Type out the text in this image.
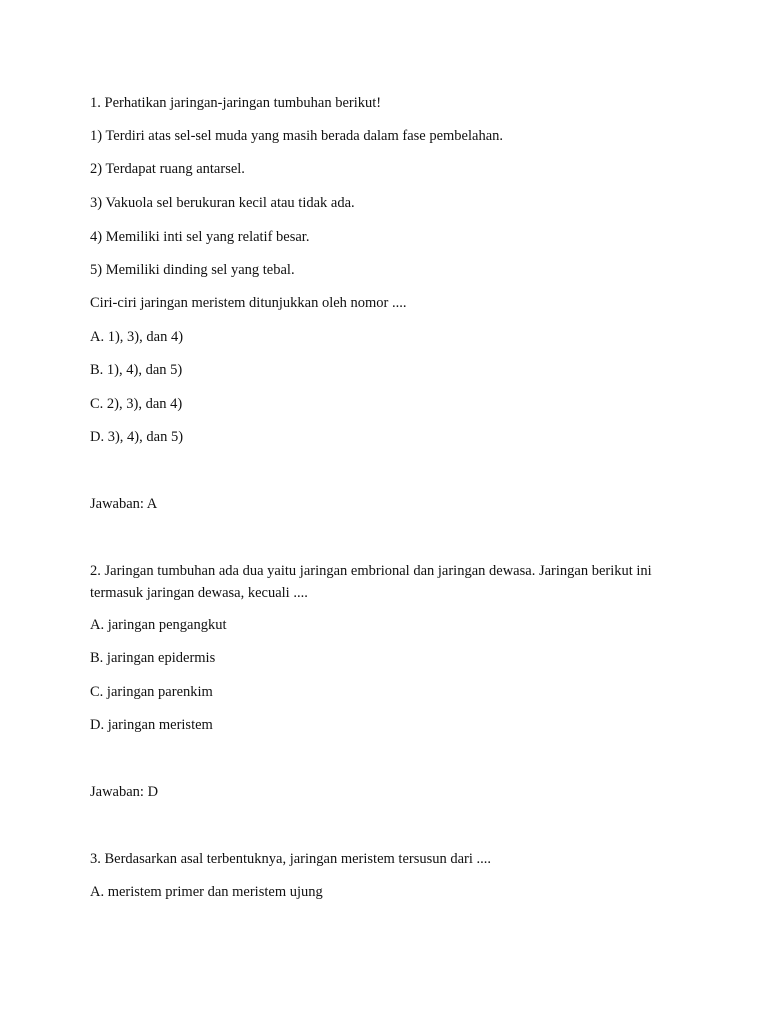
1. Perhatikan jaringan-jaringan tumbuhan berikut!
1) Terdiri atas sel-sel muda yang masih berada dalam fase pembelahan.
2) Terdapat ruang antarsel.
3) Vakuola sel berukuran kecil atau tidak ada.
4) Memiliki inti sel yang relatif besar.
5) Memiliki dinding sel yang tebal.
Ciri-ciri jaringan meristem ditunjukkan oleh nomor ....
A. 1), 3), dan 4)
B. 1), 4), dan 5)
C. 2), 3), dan 4)
D. 3), 4), dan 5)
Jawaban: A
2. Jaringan tumbuhan ada dua yaitu jaringan embrional dan jaringan dewasa. Jaringan berikut ini termasuk jaringan dewasa, kecuali ....
A. jaringan pengangkut
B. jaringan epidermis
C. jaringan parenkim
D. jaringan meristem
Jawaban: D
3. Berdasarkan asal terbentuknya, jaringan meristem tersusun dari ....
A. meristem primer dan meristem ujung
